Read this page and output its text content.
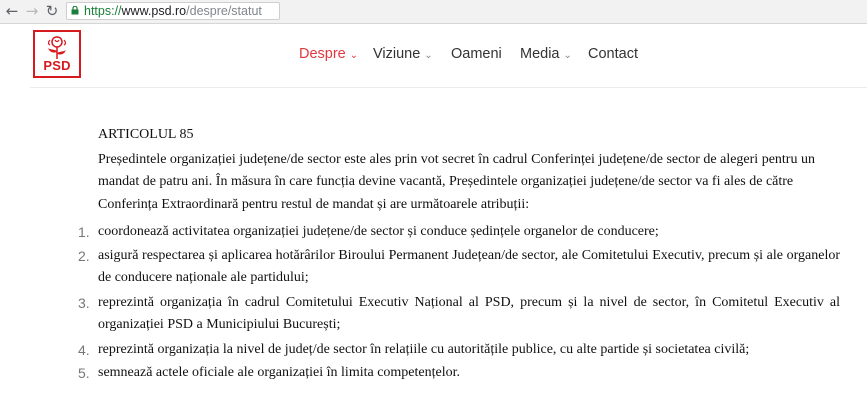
← → ↻	https://www.psd.ro/despre/statut
Despre ⌄ Viziune ⌄ Oameni Media ⌄ Contact
PSD
ARTICOLUL 85
Președintele organizației județene/de sector este ales prin vot secret în cadrul Conferinței județene/de sector de alegeri pentru un
mandat de patru ani. În măsura în care funcția devine vacantă, Președintele organizației județene/de sector va fi ales de către
Conferința Extraordinară pentru restul de mandat și are următoarele atribuții:
1. coordonează activitatea organizației județene/de sector și conduce ședințele organelor de conducere;
2. asigură respectarea și aplicarea hotărârilor Biroului Permanent Județean/de sector, ale Comitetului Executiv, precum și ale organelor de conducere naționale ale partidului;
3. reprezintă organizația în cadrul Comitetului Executiv Național al PSD, precum și la nivel de sector, în Comitetul Executiv al organizației PSD a Municipiului București;
4. reprezintă organizația la nivel de județ/de sector în relațiile cu autoritățile publice, cu alte partide și societatea civilă;
5. semnează actele oficiale ale organizației în limita competențelor.
